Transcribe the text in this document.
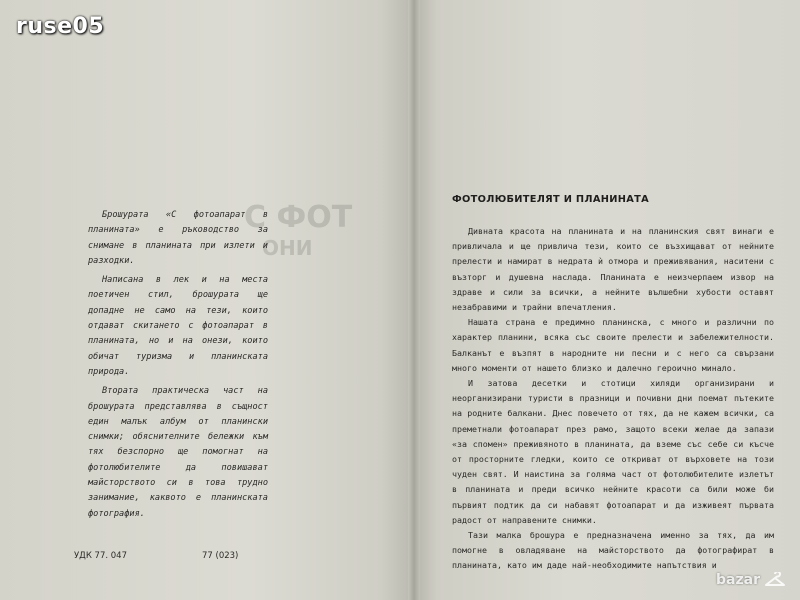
С ФОТ
ОНИ
ruse05

Брошурата «С фотоапарат в планината» е ръководство за снимане в планината при излети и разходки.

Написана в лек и на места поетичен стил, брошурата ще допадне не само на тези, които отдават скитането с фотоапарат в планината, но и на онези, които обичат туризма и планинската природа.

Втората практическа част на брошурата представлява в същност един малък албум от планински снимки; обяснителните бележки към тях безспорно ще помогнат на фотолюбителите да повишават майсторството си в това трудно занимание, каквото е планинската фотография.

УДК 77. 047	77 (023)
ФОТОЛЮБИТЕЛЯТ И ПЛАНИНАТА

Дивната красота на планината и на планинския свят винаги е привличала и ще привлича тези, които се възхищават от нейните прелести и намират в недрата ѝ отмора и преживявания, наситени с възторг и душевна наслада. Планината е неизчерпаем извор на здраве и сили за всички, а нейните вълшебни хубости оставят незабравими и трайни впечатления.

Нашата страна е предимно планинска, с много и различни по характер планини, всяка със своите прелести и забележителности. Балканът е възпят в народните ни песни и с него са свързани много моменти от нашето близко и далечно героично минало.

И затова десетки и стотици хиляди организирани и неорганизирани туристи в празници и почивни дни поемат пътеките на родните балкани. Днес повечето от тях, да не кажем всички, са преметнали фотоапарат през рамо, защото всеки желае да запази «за спомен» преживяното в планината, да вземе със себе си късче от просторните гледки, които се откриват от върховете на този чуден свят. И наистина за голяма част от фотолюбителите излетът в планината и преди всичко нейните красоти са били може би първият подтик да си набавят фотоапарат и да изживеят първата радост от направените снимки.

Тази малка брошура е предназначена именно за тях, да им помогне в овладяване на майсторството да фотографират в планината, като им даде най-необходимите напътствия и

bazar
